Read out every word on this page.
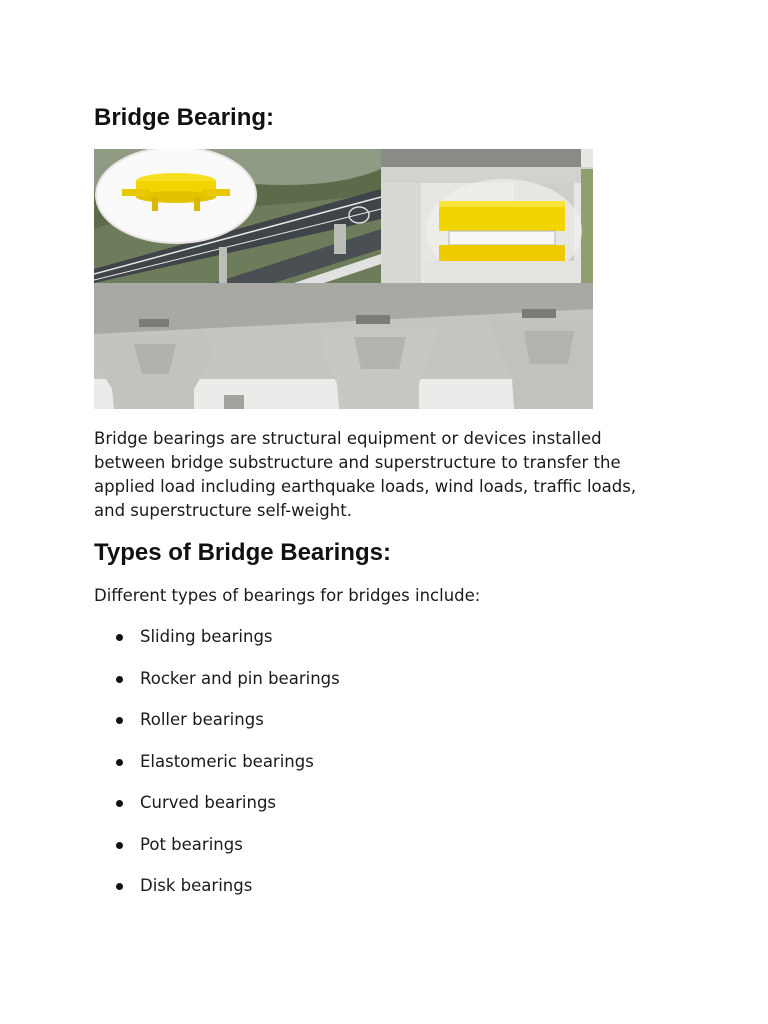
Bridge Bearing:

Bridge bearings are structural equipment or devices installed between bridge substructure and superstructure to transfer the applied load including earthquake loads, wind loads, traffic loads, and superstructure self-weight.

Types of Bridge Bearings:

Different types of bearings for bridges include:

Sliding bearings
Rocker and pin bearings
Roller bearings
Elastomeric bearings
Curved bearings
Pot bearings
Disk bearings
